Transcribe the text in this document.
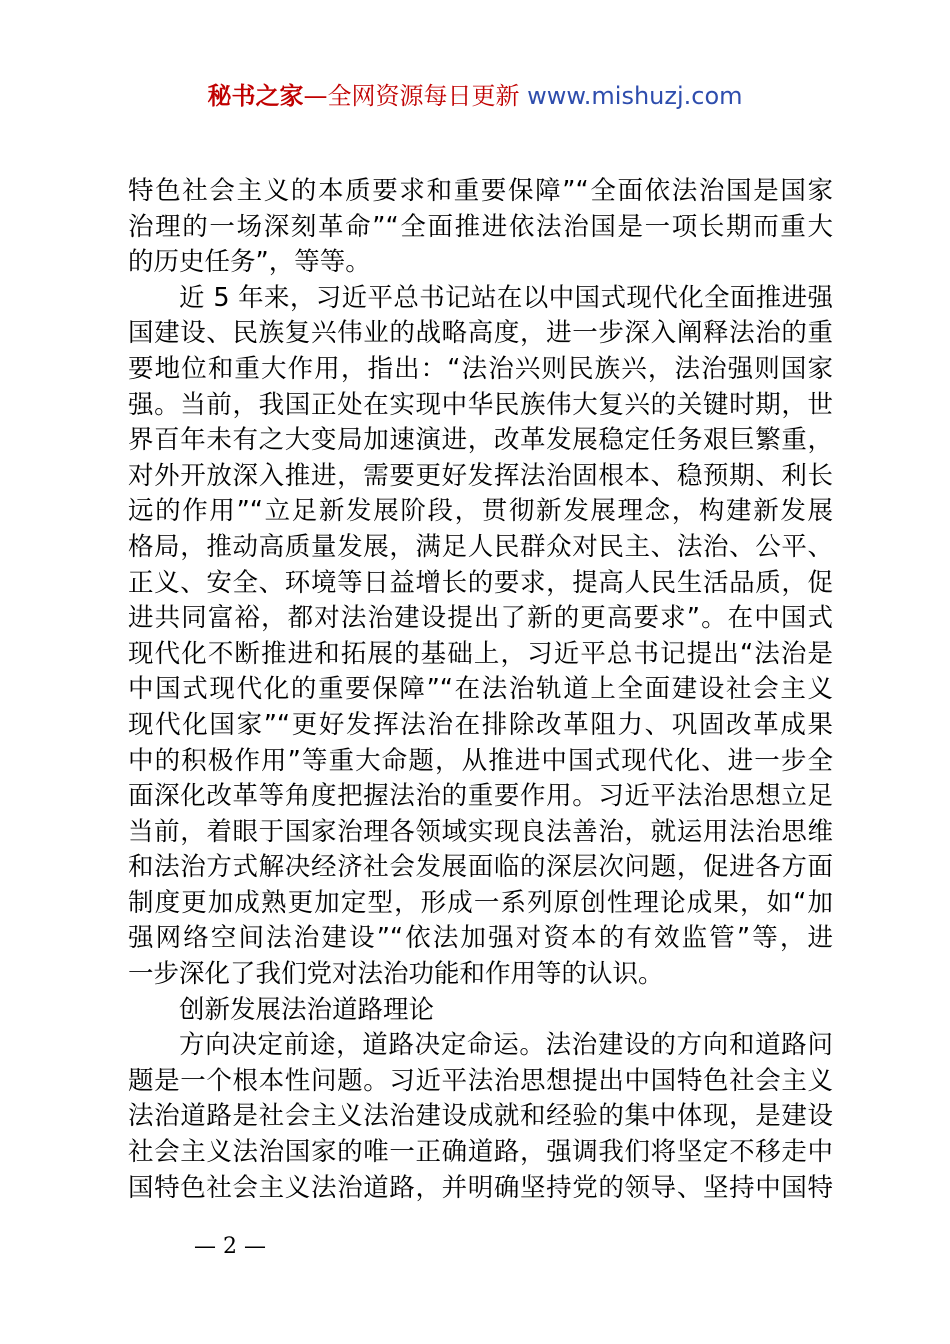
秘书之家—全网资源每日更新 www.mishuzj.com
特色社会主义的本质要求和重要保障”“全面依法治国是国家
治理的一场深刻革命”“全面推进依法治国是一项长期而重大
的历史任务”，等等。
近 5 年来，习近平总书记站在以中国式现代化全面推进强
国建设、民族复兴伟业的战略高度，进一步深入阐释法治的重
要地位和重大作用，指出：“法治兴则民族兴，法治强则国家
强。当前，我国正处在实现中华民族伟大复兴的关键时期，世
界百年未有之大变局加速演进，改革发展稳定任务艰巨繁重，
对外开放深入推进，需要更好发挥法治固根本、稳预期、利长
远的作用”“立足新发展阶段，贯彻新发展理念，构建新发展
格局，推动高质量发展，满足人民群众对民主、法治、公平、
正义、安全、环境等日益增长的要求，提高人民生活品质，促
进共同富裕，都对法治建设提出了新的更高要求”。在中国式
现代化不断推进和拓展的基础上，习近平总书记提出“法治是
中国式现代化的重要保障”“在法治轨道上全面建设社会主义
现代化国家”“更好发挥法治在排除改革阻力、巩固改革成果
中的积极作用”等重大命题，从推进中国式现代化、进一步全
面深化改革等角度把握法治的重要作用。习近平法治思想立足
当前，着眼于国家治理各领域实现良法善治，就运用法治思维
和法治方式解决经济社会发展面临的深层次问题，促进各方面
制度更加成熟更加定型，形成一系列原创性理论成果，如“加
强网络空间法治建设”“依法加强对资本的有效监管”等，进
一步深化了我们党对法治功能和作用等的认识。
创新发展法治道路理论
方向决定前途，道路决定命运。法治建设的方向和道路问
题是一个根本性问题。习近平法治思想提出中国特色社会主义
法治道路是社会主义法治建设成就和经验的集中体现，是建设
社会主义法治国家的唯一正确道路，强调我们将坚定不移走中
国特色社会主义法治道路，并明确坚持党的领导、坚持中国特
— 2 —
